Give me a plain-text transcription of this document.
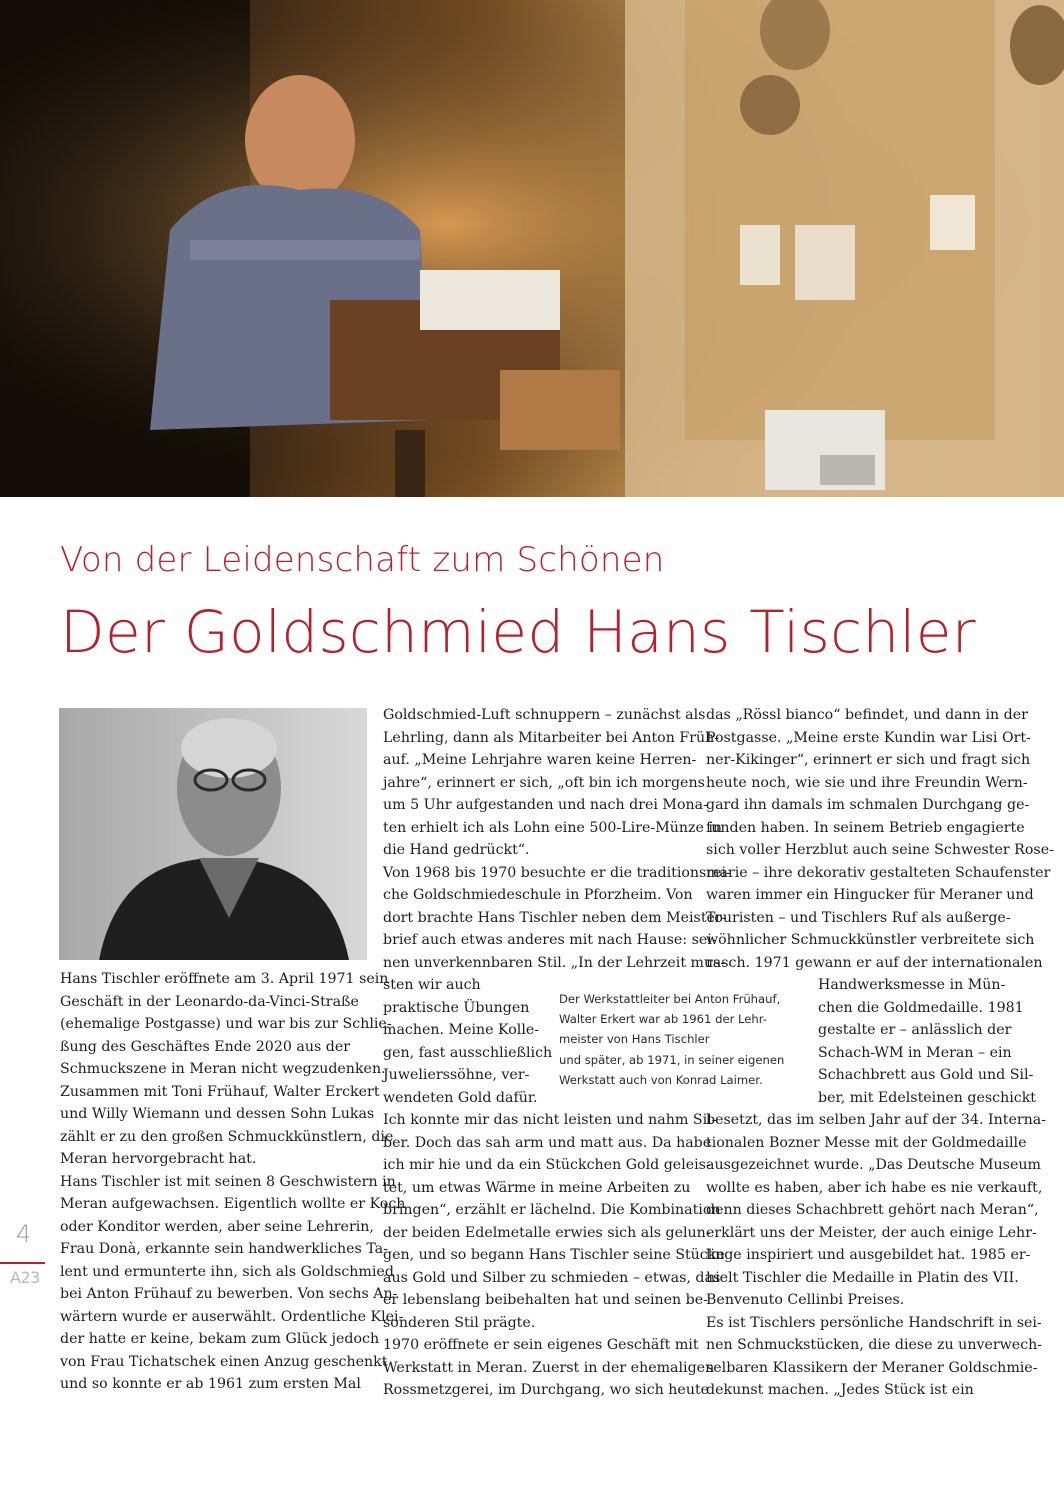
Von der Leidenschaft zum Schönen
Der Goldschmied Hans Tischler
Hans Tischler eröffnete am 3. April 1971 sein
Geschäft in der Leonardo-da-Vinci-Straße
(ehemalige Postgasse) und war bis zur Schlie-
ßung des Geschäftes Ende 2020 aus der
Schmuckszene in Meran nicht wegzudenken.
Zusammen mit Toni Frühauf, Walter Erckert
und Willy Wiemann und dessen Sohn Lukas
zählt er zu den großen Schmuckkünstlern, die
Meran hervorgebracht hat.
Hans Tischler ist mit seinen 8 Geschwistern in
Meran aufgewachsen. Eigentlich wollte er Koch
oder Konditor werden, aber seine Lehrerin,
Frau Donà, erkannte sein handwerkliches Ta-
lent und ermunterte ihn, sich als Goldschmied
bei Anton Frühauf zu bewerben. Von sechs An-
wärtern wurde er auserwählt. Ordentliche Klei-
der hatte er keine, bekam zum Glück jedoch
von Frau Tichatschek einen Anzug geschenkt
und so konnte er ab 1961 zum ersten Mal
Goldschmied-Luft schnuppern – zunächst als
Lehrling, dann als Mitarbeiter bei Anton Früh-
auf. „Meine Lehrjahre waren keine Herren-
jahre“, erinnert er sich, „oft bin ich morgens
um 5 Uhr aufgestanden und nach drei Mona-
ten erhielt ich als Lohn eine 500-Lire-Münze in
die Hand gedrückt“.
Von 1968 bis 1970 besuchte er die traditionsrei-
che Goldschmiedeschule in Pforzheim. Von
dort brachte Hans Tischler neben dem Meister-
brief auch etwas anderes mit nach Hause: sei-
nen unverkennbaren Stil. „In der Lehrzeit mus-
sten wir auch
praktische Übungen
machen. Meine Kolle-
gen, fast ausschließlich
Juwelierssöhne, ver-
wendeten Gold dafür.
Ich konnte mir das nicht leisten und nahm Sil-
ber. Doch das sah arm und matt aus. Da habe
ich mir hie und da ein Stückchen Gold geleis-
tet, um etwas Wärme in meine Arbeiten zu
bringen“, erzählt er lächelnd. Die Kombination
der beiden Edelmetalle erwies sich als gelun-
gen, und so begann Hans Tischler seine Stücke
aus Gold und Silber zu schmieden – etwas, das
er lebenslang beibehalten hat und seinen be-
sonderen Stil prägte.
1970 eröffnete er sein eigenes Geschäft mit
Werkstatt in Meran. Zuerst in der ehemaligen
Rossmetzgerei, im Durchgang, wo sich heute
das „Rössl bianco“ befindet, und dann in der
Postgasse. „Meine erste Kundin war Lisi Ort-
ner-Kikinger“, erinnert er sich und fragt sich
heute noch, wie sie und ihre Freundin Wern-
gard ihn damals im schmalen Durchgang ge-
funden haben. In seinem Betrieb engagierte
sich voller Herzblut auch seine Schwester Rose-
marie – ihre dekorativ gestalteten Schaufenster
waren immer ein Hingucker für Meraner und
Touristen – und Tischlers Ruf als außerge-
wöhnlicher Schmuckkünstler verbreitete sich
rasch. 1971 gewann er auf der internationalen
Handwerksmesse in Mün-
chen die Goldmedaille. 1981
gestalte er – anlässlich der
Schach-WM in Meran – ein
Schachbrett aus Gold und Sil-
ber, mit Edelsteinen geschickt
besetzt, das im selben Jahr auf der 34. Interna-
tionalen Bozner Messe mit der Goldmedaille
ausgezeichnet wurde. „Das Deutsche Museum
wollte es haben, aber ich habe es nie verkauft,
denn dieses Schachbrett gehört nach Meran“,
erklärt uns der Meister, der auch einige Lehr-
linge inspiriert und ausgebildet hat. 1985 er-
hielt Tischler die Medaille in Platin des VII.
Benvenuto Cellinbi Preises.
Es ist Tischlers persönliche Handschrift in sei-
nen Schmuckstücken, die diese zu unverwech-
selbaren Klassikern der Meraner Goldschmie-
dekunst machen. „Jedes Stück ist ein
Der Werkstattleiter bei Anton Frühauf,
Walter Erkert war ab 1961 der Lehr-
meister von Hans Tischler
und später, ab 1971, in seiner eigenen
Werkstatt auch von Konrad Laimer.
4
A23
